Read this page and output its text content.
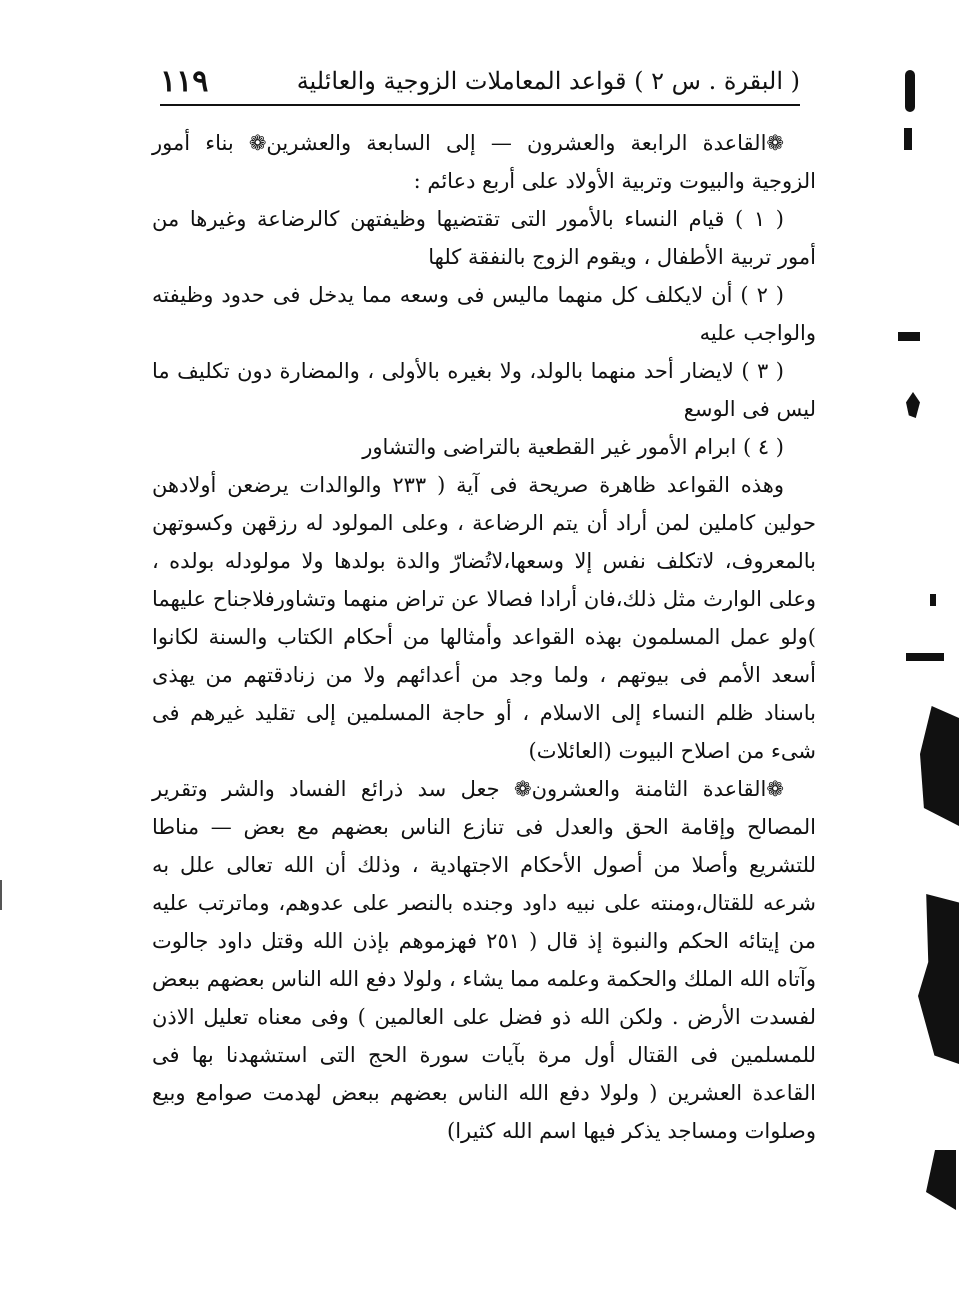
( البقرة . س ٢ ) قواعد المعاملات الزوجية والعائلية
١١٩

❁القاعدة الرابعة والعشرون — إلى السابعة والعشرين❁ بناء أمور الزوجية والبيوت وتربية الأولاد على أربع دعائم :

( ١ ) قيام النساء بالأمور التى تقتضيها وظيفتهن كالرضاعة وغيرها من أمور تربية الأطفال ، ويقوم الزوج بالنفقة كلها

( ٢ ) أن لايكلف كل منهما ماليس فى وسعه مما يدخل فى حدود وظيفته والواجب عليه

( ٣ ) لايضار أحد منهما بالولد، ولا بغيره بالأولى ، والمضارة دون تكليف ما ليس فى الوسع

( ٤ ) ابرام الأمور غير القطعية بالتراضى والتشاور

وهذه القواعد ظاهرة صريحة فى آية ( ٢٣٣ والوالدات يرضعن أولادهن حولين كاملين لمن أراد أن يتم الرضاعة ، وعلى المولود له رزقهن وكسوتهن بالمعروف، لاتكلف نفس إلا وسعها،لاتُضارّ والدة بولدها ولا مولودله بولده ، وعلى الوارث مثل ذلك،فان أرادا فصالا عن تراض منهما وتشاورفلاجناح عليهما )ولو عمل المسلمون بهذه القواعد وأمثالها من أحكام الكتاب والسنة لكانوا أسعد الأمم فى بيوتهم ، ولما وجد من أعدائهم ولا من زنادقتهم من يهذى باسناد ظلم النساء إلى الاسلام ، أو حاجة المسلمين إلى تقليد غيرهم فى شىء من اصلاح البيوت (العائلات)

❁القاعدة الثامنة والعشرون❁ جعل سد ذرائع الفساد والشر وتقرير المصالح وإقامة الحق والعدل فى تنازع الناس بعضهم مع بعض — مناطا للتشريع وأصلا من أصول الأحكام الاجتهادية ، وذلك أن الله تعالى علل به شرعه للقتال،ومنته على نبيه داود وجنده بالنصر على عدوهم، وماترتب عليه من إيتائه الحكم والنبوة إذ قال ( ٢٥١ فهزموهم بإذن الله وقتل داود جالوت وآتاه الله الملك والحكمة وعلمه مما يشاء ، ولولا دفع الله الناس بعضهم ببعض لفسدت الأرض . ولكن الله ذو فضل على العالمين ) وفى معناه تعليل الاذن للمسلمين فى القتال أول مرة بآيات سورة الحج التى استشهدنا بها فى القاعدة العشرين ( ولولا دفع الله الناس بعضهم ببعض لهدمت صوامع وبيع وصلوات ومساجد يذكر فيها اسم الله كثيرا)
